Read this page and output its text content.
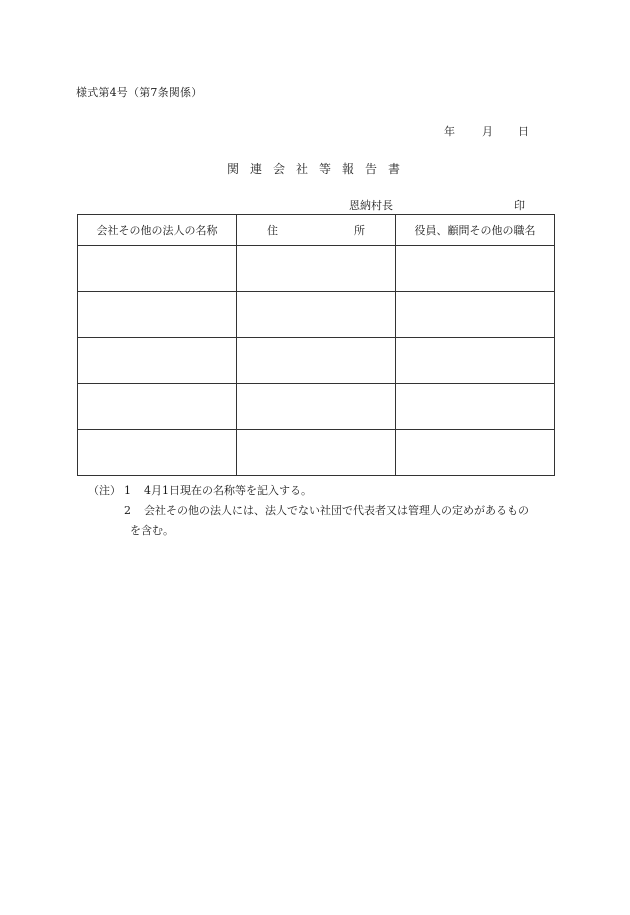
様式第4号（第7条関係）
年 月 日
関連会社等報告書
恩納村長	印
会社その他の法人の名称	住 所	役員、顧問その他の職名

（注） 1 4月1日現在の名称等を記入する。
2 会社その他の法人には、法人でない社団で代表者又は管理人の定めがあるもの
を含む。
